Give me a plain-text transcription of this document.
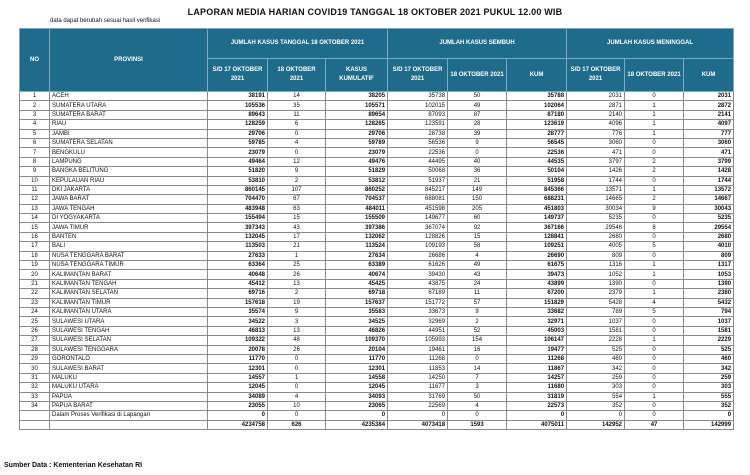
LAPORAN MEDIA HARIAN COVID19 TANGGAL 18 OKTOBER 2021 PUKUL 12.00 WIB
data dapat berubah sesuai hasil verifikasi
NO	PROVINSI	JUMLAH KASUS TANGGAL 18 OKTOBER 2021			JUMLAH KASUS SEMBUH			JUMLAH KASUS MENINGGAL		
		S/D 17 OKTOBER 2021	18 OKTOBER 2021	KASUS KUMULATIF	S/D 17 OKTOBER 2021	18 OKTOBER 2021	KUM	S/D 17 OKTOBER 2021	18 OKTOBER 2021	KUM
1	ACEH	38191	14	38205	35738	50	35788	2031	0	2031
2	SUMATERA UTARA	105536	35	105571	102015	49	102064	2871	1	2872
3	SUMATERA BARAT	89643	11	89654	87093	87	87180	2140	1	2141
4	RIAU	128259	6	128265	123591	28	123619	4096	1	4097
5	JAMBI	29706	0	29706	28738	39	28777	776	1	777
6	SUMATERA SELATAN	59785	4	59789	56536	9	56545	3060	0	3060
7	BENGKULU	23079	0	23079	22536	0	22536	471	0	471
8	LAMPUNG	49464	12	49476	44495	40	44535	3797	2	3799
9	BANGKA BELITUNG	51820	9	51829	50068	36	50104	1426	2	1428
10	KEPULAUAN RIAU	53810	2	53812	51937	21	51958	1744	0	1744
11	DKI JAKARTA	860145	107	860252	845217	149	845366	13571	1	13572
12	JAWA BARAT	704470	67	704537	688081	150	688231	14665	2	14667
13	JAWA TENGAH	483948	63	484011	451598	205	451803	30034	9	30043
14	DI YOGYAKARTA	155494	15	155509	149677	60	149737	5235	0	5235
15	JAWA TIMUR	397343	43	397386	367074	92	367166	29546	8	29554
16	BANTEN	132045	17	132062	128826	15	128841	2680	0	2680
17	BALI	113503	21	113524	109193	58	109251	4005	5	4010
18	NUSA TENGGARA BARAT	27633	1	27634	26686	4	26690	809	0	809
19	NUSA TENGGARA TIMUR	63364	25	63389	61626	49	61675	1316	1	1317
20	KALIMANTAN BARAT	40648	26	40674	39430	43	39473	1052	1	1053
21	KALIMANTAN TENGAH	45412	13	45425	43875	24	43899	1390	0	1390
22	KALIMANTAN SELATAN	69716	2	69718	67189	11	67200	2379	1	2380
23	KALIMANTAN TIMUR	157618	19	157637	151772	57	151829	5428	4	5432
24	KALIMANTAN UTARA	35574	9	35583	33673	9	33682	789	5	794
25	SULAWESI UTARA	34522	3	34525	32969	2	32971	1037	0	1037
26	SULAWESI TENGAH	46813	13	46826	44951	52	45003	1581	0	1581
27	SULAWESI SELATAN	109322	48	109370	105993	154	106147	2228	1	2229
28	SULAWESI TENGGARA	20078	26	20104	19461	16	19477	525	0	525
29	GORONTALO	11770	0	11770	11268	0	11268	460	0	460
30	SULAWESI BARAT	12301	0	12301	11853	14	11867	342	0	342
31	MALUKU	14557	1	14558	14250	7	14257	259	0	259
32	MALUKU UTARA	12045	0	12045	11677	3	11680	303	0	303
33	PAPUA	34089	4	34093	31769	50	31819	554	1	555
34	PAPUA BARAT	23055	10	23065	22569	4	22573	352	0	352
	Dalam Proses Verifikasi di Lapangan	0	0	0	0	0	0	0	0	0
		4234758	626	4235384	4073418	1593	4075011	142952	47	142999
Sumber Data : Kementerian Kesehatan RI
